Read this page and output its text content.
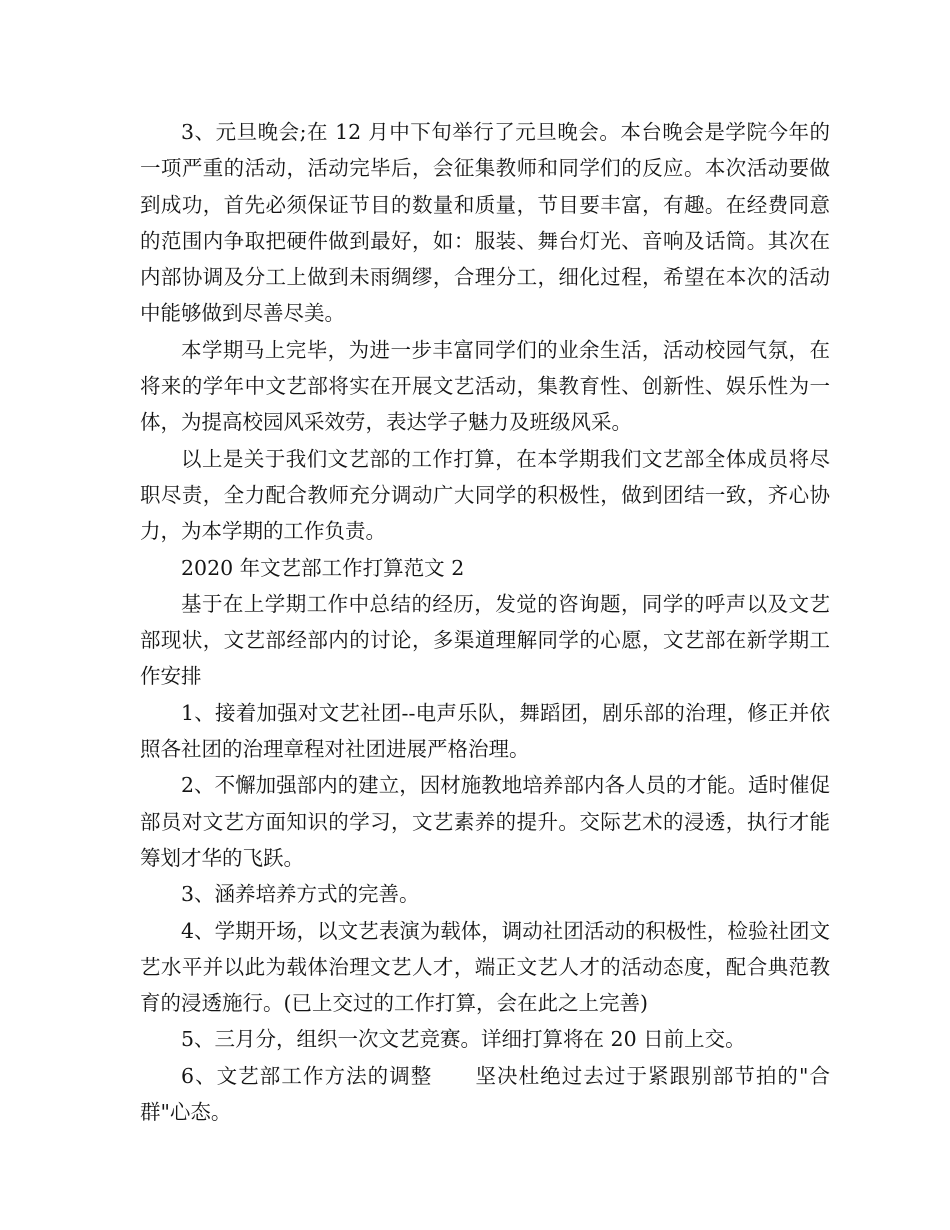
3、元旦晚会;在 12 月中下旬举行了元旦晚会。本台晚会是学院今年的一项严重的活动，活动完毕后，会征集教师和同学们的反应。本次活动要做到成功，首先必须保证节目的数量和质量，节目要丰富，有趣。在经费同意的范围内争取把硬件做到最好，如：服装、舞台灯光、音响及话筒。其次在内部协调及分工上做到未雨绸缪，合理分工，细化过程，希望在本次的活动中能够做到尽善尽美。

本学期马上完毕，为进一步丰富同学们的业余生活，活动校园气氛，在将来的学年中文艺部将实在开展文艺活动，集教育性、创新性、娱乐性为一体，为提高校园风采效劳，表达学子魅力及班级风采。

以上是关于我们文艺部的工作打算，在本学期我们文艺部全体成员将尽职尽责，全力配合教师充分调动广大同学的积极性，做到团结一致，齐心协力，为本学期的工作负责。

2020 年文艺部工作打算范文 2

基于在上学期工作中总结的经历，发觉的咨询题，同学的呼声以及文艺部现状，文艺部经部内的讨论，多渠道理解同学的心愿，文艺部在新学期工作安排

1、接着加强对文艺社团--电声乐队，舞蹈团，剧乐部的治理，修正并依照各社团的治理章程对社团进展严格治理。

2、不懈加强部内的建立，因材施教地培养部内各人员的才能。适时催促部员对文艺方面知识的学习，文艺素养的提升。交际艺术的浸透，执行才能筹划才华的飞跃。

3、涵养培养方式的完善。

4、学期开场，以文艺表演为载体，调动社团活动的积极性，检验社团文艺水平并以此为载体治理文艺人才，端正文艺人才的活动态度，配合典范教育的浸透施行。(已上交过的工作打算，会在此之上完善)

5、三月分，组织一次文艺竞赛。详细打算将在 20 日前上交。

6、文艺部工作方法的调整　　坚决杜绝过去过于紧跟别部节拍的"合群"心态。
